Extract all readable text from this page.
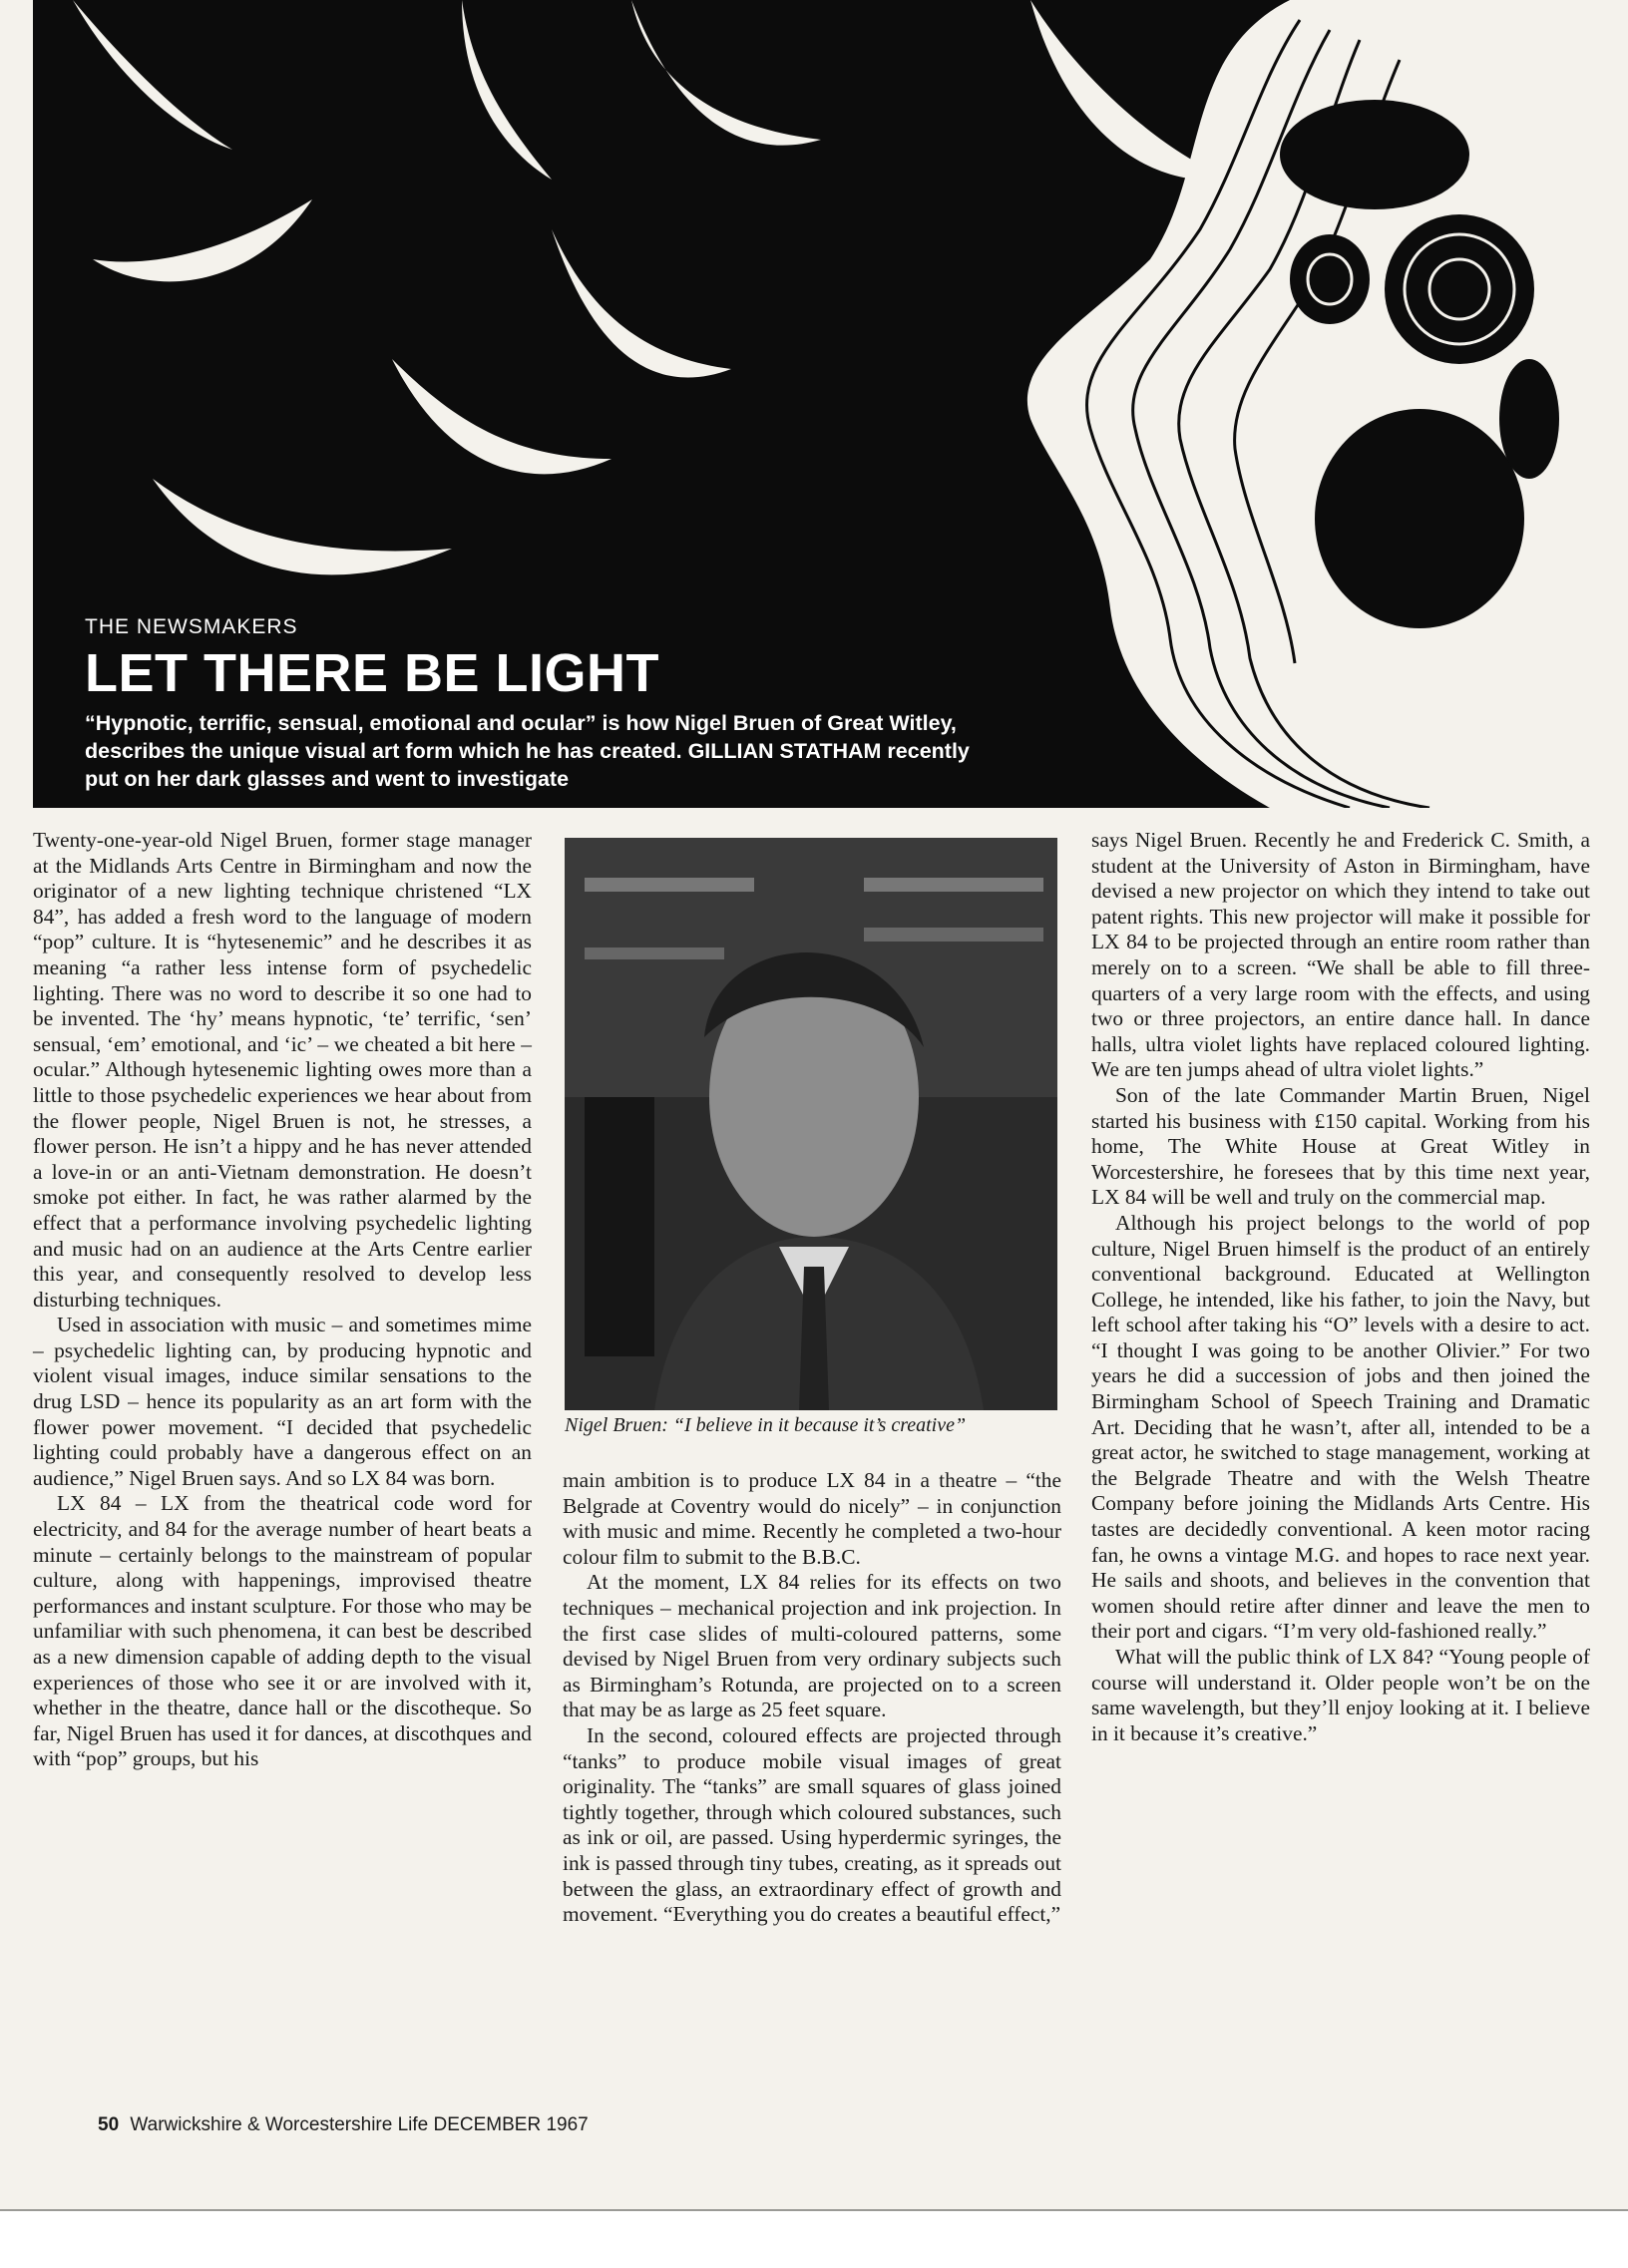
THE NEWSMAKERS
LET THERE BE LIGHT
“Hypnotic, terrific, sensual, emotional and ocular” is how Nigel Bruen of Great Witley, describes the unique visual art form which he has created. GILLIAN STATHAM recently put on her dark glasses and went to investigate

Twenty-one-year-old Nigel Bruen, former stage manager at the Midlands Arts Centre in Birmingham and now the originator of a new lighting technique christened “LX 84”, has added a fresh word to the language of modern “pop” culture. It is “hytesenemic” and he describes it as meaning “a rather less intense form of psychedelic lighting. There was no word to describe it so one had to be invented. The ‘hy’ means hypnotic, ‘te’ terrific, ‘sen’ sensual, ‘em’ emotional, and ‘ic’ – we cheated a bit here – ocular.” Although hytesenemic lighting owes more than a little to those psychedelic experiences we hear about from the flower people, Nigel Bruen is not, he stresses, a flower person. He isn’t a hippy and he has never attended a love-in or an anti-Vietnam demonstration. He doesn’t smoke pot either. In fact, he was rather alarmed by the effect that a performance involving psychedelic lighting and music had on an audience at the Arts Centre earlier this year, and consequently resolved to develop less disturbing techniques.

Used in association with music – and sometimes mime – psychedelic lighting can, by producing hypnotic and violent visual images, induce similar sensations to the drug LSD – hence its popularity as an art form with the flower power movement. “I decided that psychedelic lighting could probably have a dangerous effect on an audience,” Nigel Bruen says. And so LX 84 was born.

LX 84 – LX from the theatrical code word for electricity, and 84 for the average number of heart beats a minute – certainly belongs to the mainstream of popular culture, along with happenings, improvised theatre performances and instant sculpture. For those who may be unfamiliar with such phenomena, it can best be described as a new dimension capable of adding depth to the visual experiences of those who see it or are involved with it, whether in the theatre, dance hall or the discotheque. So far, Nigel Bruen has used it for dances, at discothques and with “pop” groups, but his

Nigel Bruen: “I believe in it because it’s creative”

main ambition is to produce LX 84 in a theatre – “the Belgrade at Coventry would do nicely” – in conjunction with music and mime. Recently he completed a two-hour colour film to submit to the B.B.C.

At the moment, LX 84 relies for its effects on two techniques – mechanical projection and ink projection. In the first case slides of multi-coloured patterns, some devised by Nigel Bruen from very ordinary subjects such as Birmingham’s Rotunda, are projected on to a screen that may be as large as 25 feet square.

In the second, coloured effects are projected through “tanks” to produce mobile visual images of great originality. The “tanks” are small squares of glass joined tightly together, through which coloured substances, such as ink or oil, are passed. Using hyperdermic syringes, the ink is passed through tiny tubes, creating, as it spreads out between the glass, an extraordinary effect of growth and movement. “Everything you do creates a beautiful effect,”

says Nigel Bruen. Recently he and Frederick C. Smith, a student at the University of Aston in Birmingham, have devised a new projector on which they intend to take out patent rights. This new projector will make it possible for LX 84 to be projected through an entire room rather than merely on to a screen. “We shall be able to fill three-quarters of a very large room with the effects, and using two or three projectors, an entire dance hall. In dance halls, ultra violet lights have replaced coloured lighting. We are ten jumps ahead of ultra violet lights.”

Son of the late Commander Martin Bruen, Nigel started his business with £150 capital. Working from his home, The White House at Great Witley in Worcestershire, he foresees that by this time next year, LX 84 will be well and truly on the commercial map.

Although his project belongs to the world of pop culture, Nigel Bruen himself is the product of an entirely conventional background. Educated at Wellington College, he intended, like his father, to join the Navy, but left school after taking his “O” levels with a desire to act. “I thought I was going to be another Olivier.” For two years he did a succession of jobs and then joined the Birmingham School of Speech Training and Dramatic Art. Deciding that he wasn’t, after all, intended to be a great actor, he switched to stage management, working at the Belgrade Theatre and with the Welsh Theatre Company before joining the Midlands Arts Centre. His tastes are decidedly conventional. A keen motor racing fan, he owns a vintage M.G. and hopes to race next year. He sails and shoots, and believes in the convention that women should retire after dinner and leave the men to their port and cigars. “I’m very old-fashioned really.”

What will the public think of LX 84? “Young people of course will understand it. Older people won’t be on the same wavelength, but they’ll enjoy looking at it. I believe in it because it’s creative.”

50 Warwickshire & Worcestershire Life DECEMBER 1967
